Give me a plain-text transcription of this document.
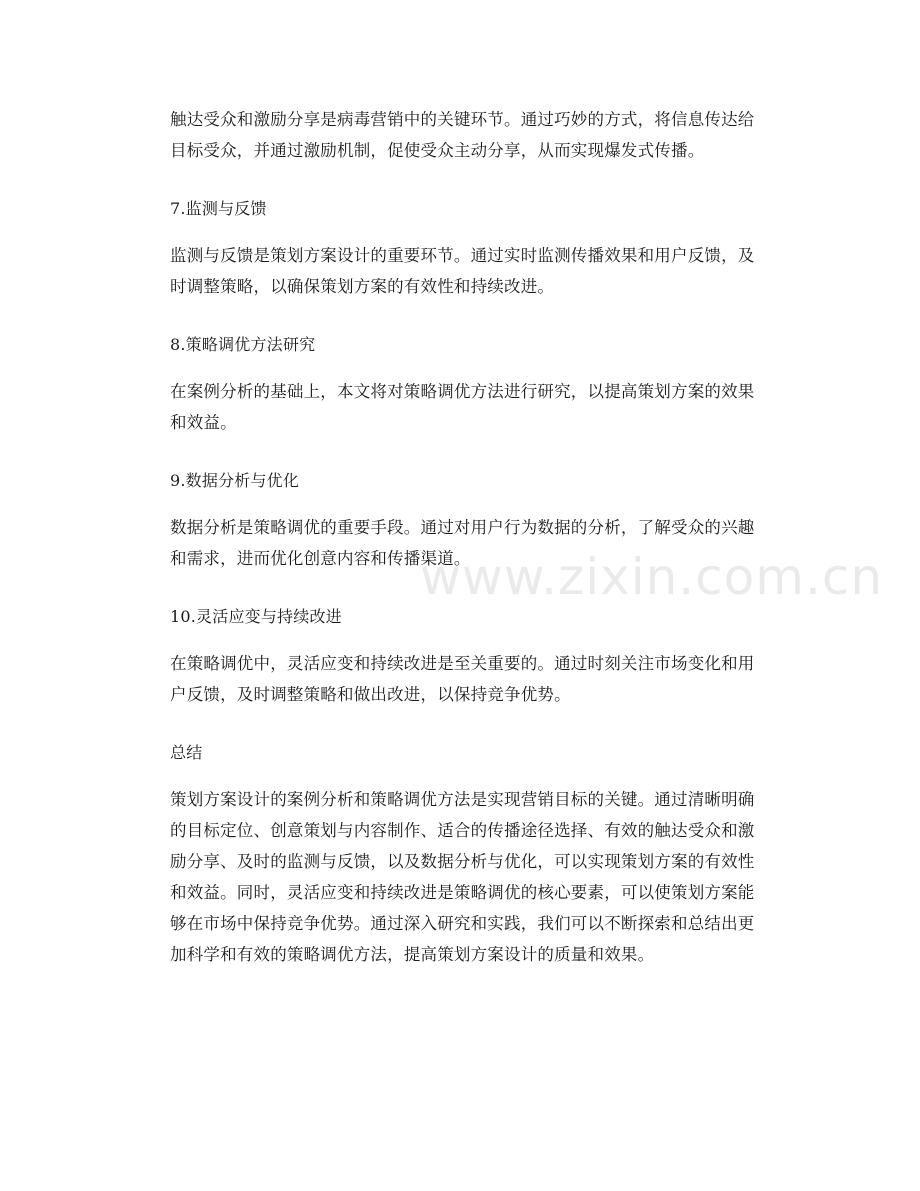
触达受众和激励分享是病毒营销中的关键环节。通过巧妙的方式，将信息传达给目标受众，并通过激励机制，促使受众主动分享，从而实现爆发式传播。

7.监测与反馈

监测与反馈是策划方案设计的重要环节。通过实时监测传播效果和用户反馈，及时调整策略，以确保策划方案的有效性和持续改进。

8.策略调优方法研究

在案例分析的基础上，本文将对策略调优方法进行研究，以提高策划方案的效果和效益。

9.数据分析与优化

数据分析是策略调优的重要手段。通过对用户行为数据的分析，了解受众的兴趣和需求，进而优化创意内容和传播渠道。

10.灵活应变与持续改进

在策略调优中，灵活应变和持续改进是至关重要的。通过时刻关注市场变化和用户反馈，及时调整策略和做出改进，以保持竞争优势。

总结

策划方案设计的案例分析和策略调优方法是实现营销目标的关键。通过清晰明确的目标定位、创意策划与内容制作、适合的传播途径选择、有效的触达受众和激励分享、及时的监测与反馈，以及数据分析与优化，可以实现策划方案的有效性和效益。同时，灵活应变和持续改进是策略调优的核心要素，可以使策划方案能够在市场中保持竞争优势。通过深入研究和实践，我们可以不断探索和总结出更加科学和有效的策略调优方法，提高策划方案设计的质量和效果。

www.zixin.com.cn
